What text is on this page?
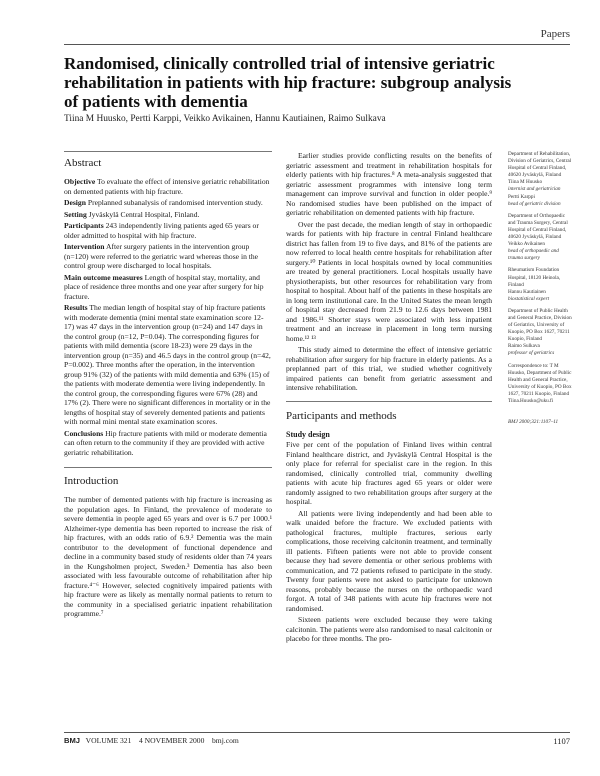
Papers
Randomised, clinically controlled trial of intensive geriatric rehabilitation in patients with hip fracture: subgroup analysis of patients with dementia
Tiina M Huusko, Pertti Karppi, Veikko Avikainen, Hannu Kautiainen, Raimo Sulkava
Abstract

Objective To evaluate the effect of intensive geriatric rehabilitation on demented patients with hip fracture.

Design Preplanned subanalysis of randomised intervention study.

Setting Jyväskylä Central Hospital, Finland.

Participants 243 independently living patients aged 65 years or older admitted to hospital with hip fracture.

Intervention After surgery patients in the intervention group (n=120) were referred to the geriatric ward whereas those in the control group were discharged to local hospitals.

Main outcome measures Length of hospital stay, mortality, and place of residence three months and one year after surgery for hip fracture.

Results The median length of hospital stay of hip fracture patients with moderate dementia (mini mental state examination score 12-17) was 47 days in the intervention group (n=24) and 147 days in the control group (n=12, P=0.04). The corresponding figures for patients with mild dementia (score 18-23) were 29 days in the intervention group (n=35) and 46.5 days in the control group (n=42, P=0.002). Three months after the operation, in the intervention group 91% (32) of the patients with mild dementia and 63% (15) of the patients with moderate dementia were living independently. In the control group, the corresponding figures were 67% (28) and 17% (2). There were no significant differences in mortality or in the lengths of hospital stay of severely demented patients and patients with normal mini mental state examination scores.

Conclusions Hip fracture patients with mild or moderate dementia can often return to the community if they are provided with active geriatric rehabilitation.

Introduction

The number of demented patients with hip fracture is increasing as the population ages. In Finland, the prevalence of moderate to severe dementia in people aged 65 years and over is 6.7 per 1000.¹ Alzheimer-type dementia has been reported to increase the risk of hip fractures, with an odds ratio of 6.9.² Dementia was the main contributor to the development of functional dependence and decline in a community based study of residents older than 74 years in the Kungsholmen project, Sweden.³ Dementia has also been associated with less favourable outcome of rehabilitation after hip fracture.⁴⁻⁶ However, selected cognitively impaired patients with hip fracture were as likely as mentally normal patients to return to the community in a specialised geriatric inpatient rehabilitation programme.⁷

Earlier studies provide conflicting results on the benefits of geriatric assessment and treatment in rehabilitation hospitals for elderly patients with hip fractures.⁸ A meta-analysis suggested that geriatric assessment programmes with intensive long term management can improve survival and function in older people.⁹ No randomised studies have been published on the impact of geriatric rehabilitation on demented patients with hip fracture.

Over the past decade, the median length of stay in orthopaedic wards for patients with hip fracture in central Finland healthcare district has fallen from 19 to five days, and 81% of the patients are now referred to local health centre hospitals for rehabilitation after surgery.¹⁰ Patients in local hospitals owned by local communities are treated by general practitioners. Local hospitals usually have physiotherapists, but other resources for rehabilitation vary from hospital to hospital. About half of the patients in these hospitals are in long term institutional care. In the United States the mean length of hospital stay decreased from 21.9 to 12.6 days between 1981 and 1986.¹¹ Shorter stays were associated with less inpatient treatment and an increase in placement in long term nursing home.¹² ¹³

This study aimed to determine the effect of intensive geriatric rehabilitation after surgery for hip fracture in elderly patients. As a preplanned part of this trial, we studied whether cognitively impaired patients can benefit from geriatric assessment and intensive rehabilitation.

Participants and methods
Study design

Five per cent of the population of Finland lives within central Finland healthcare district, and Jyväskylä Central Hospital is the only place for referral for specialist care in the region. In this randomised, clinically controlled trial, community dwelling patients with acute hip fractures aged 65 years or older were randomly assigned to two rehabilitation groups after surgery at the hospital.

All patients were living independently and had been able to walk unaided before the fracture. We excluded patients with pathological fractures, multiple fractures, serious early complications, those receiving calcitonin treatment, and terminally ill patients. Fifteen patients were not able to provide consent because they had severe dementia or other serious problems with communication, and 72 patients refused to participate in the study. Twenty four patients were not asked to participate for unknown reasons, probably because the nurses on the orthopaedic ward forgot. A total of 348 patients with acute hip fractures were not randomised.

Sixteen patients were excluded because they were taking calcitonin. The patients were also randomised to nasal calcitonin or placebo for three months. The pro-

Department of Rehabilitation, Division of Geriatrics, Central Hospital of Central Finland, 40620 Jyväskylä, Finland
Tiina M Huusko
internist and geriatrician
Pertti Karppi
head of geriatric division

Department of Orthopaedic and Trauma Surgery, Central Hospital of Central Finland, 40620 Jyväskylä, Finland
Veikko Avikainen
head of orthopaedic and trauma surgery

Rheumatism Foundation Hospital, 18120 Heinola, Finland
Hannu Kautiainen
biostatistical expert

Department of Public Health and General Practice, Division of Geriatrics, University of Kuopio, PO Box 1627, 70211 Kuopio, Finland
Raimo Sulkava
professor of geriatrics

Correspondence to: T M Huusko, Department of Public Health and General Practice, University of Kuopio, PO Box 1627, 70211 Kuopio, Finland Tiina.Huusko@uku.fi

BMJ 2000;321:1107–11

BMJ VOLUME 321 4 NOVEMBER 2000 bmj.com	1107
